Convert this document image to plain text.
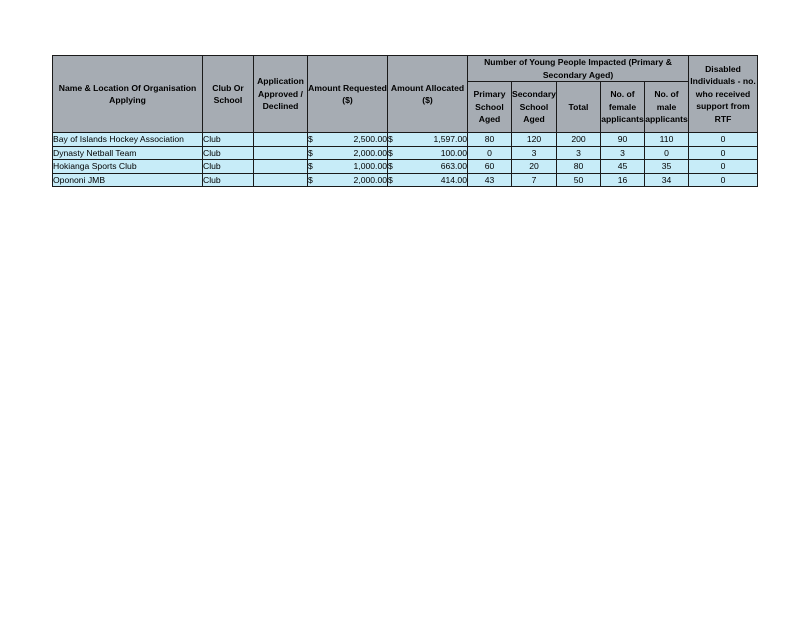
Name & Location Of Organisation Applying	Club Or School	Application Approved / Declined	Amount Requested ($)	Amount Allocated ($)	Number of Young People Impacted (Primary & Secondary Aged)					Disabled Individuals - no. who received support from RTF
					Primary School Aged	Secondary School Aged	Total	No. of female applicants	No. of male applicants	
Bay of Islands Hockey Association	Club		$ 2,500.00	$ 1,597.00	80	120	200	90	110	0
Dynasty Netball Team	Club		$ 2,000.00	$ 100.00	0	3	3	3	0	0
Hokianga Sports Club	Club		$ 1,000.00	$ 663.00	60	20	80	45	35	0
Opononi JMB	Club		$ 2,000.00	$ 414.00	43	7	50	16	34	0
